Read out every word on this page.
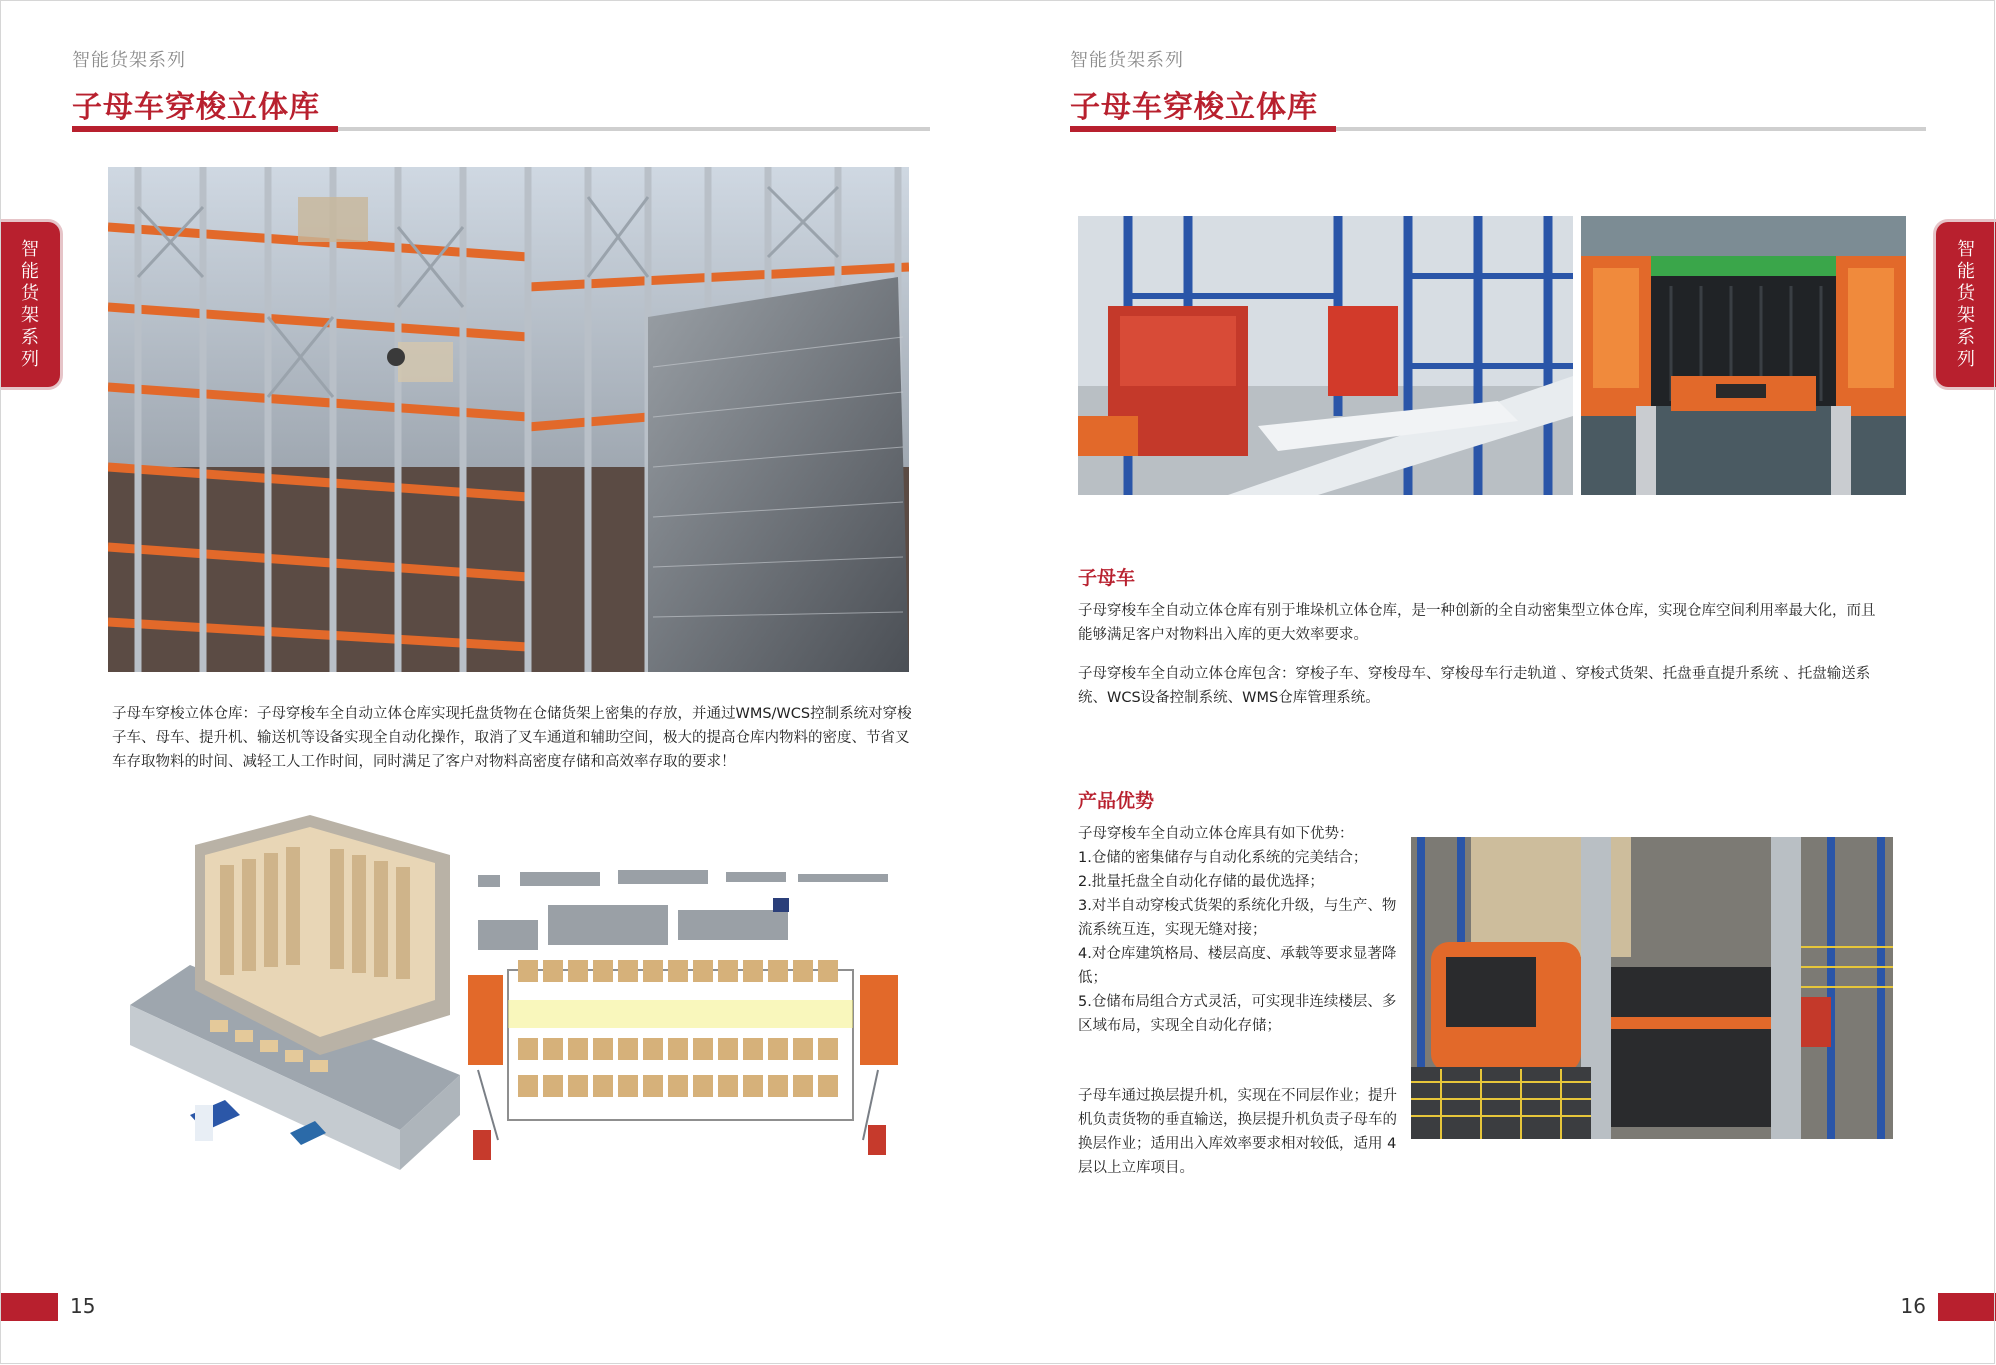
智能货架系列
子母车穿梭立体库
智能货架系列
子母车穿梭立体仓库：子母穿梭车全自动立体仓库实现托盘货物在仓储货架上密集的存放，并通过WMS/WCS控制系统对穿梭子车、母车、提升机、输送机等设备实现全自动化操作，取消了叉车通道和辅助空间，极大的提高仓库内物料的密度、节省叉车存取物料的时间、减轻工人工作时间，同时满足了客户对物料高密度存储和高效率存取的要求！
15
智能货架系列
子母车穿梭立体库
智能货架系列
子母车
子母穿梭车全自动立体仓库有别于堆垛机立体仓库，是一种创新的全自动密集型立体仓库，实现仓库空间利用率最大化，而且能够满足客户对物料出入库的更大效率要求。
子母穿梭车全自动立体仓库包含：穿梭子车、穿梭母车、穿梭母车行走轨道 、穿梭式货架、托盘垂直提升系统 、托盘输送系统、WCS设备控制系统、WMS仓库管理系统。
产品优势
子母穿梭车全自动立体仓库具有如下优势：
1.仓储的密集储存与自动化系统的完美结合；
2.批量托盘全自动化存储的最优选择；
3.对半自动穿梭式货架的系统化升级，与生产、物流系统互连，实现无缝对接；
4.对仓库建筑格局、楼层高度、承载等要求显著降低；
5.仓储布局组合方式灵活，可实现非连续楼层、多区域布局，实现全自动化存储；
子母车通过换层提升机，实现在不同层作业；提升机负责货物的垂直输送，换层提升机负责子母车的换层作业；适用出入库效率要求相对较低，适用 4 层以上立库项目。
16
